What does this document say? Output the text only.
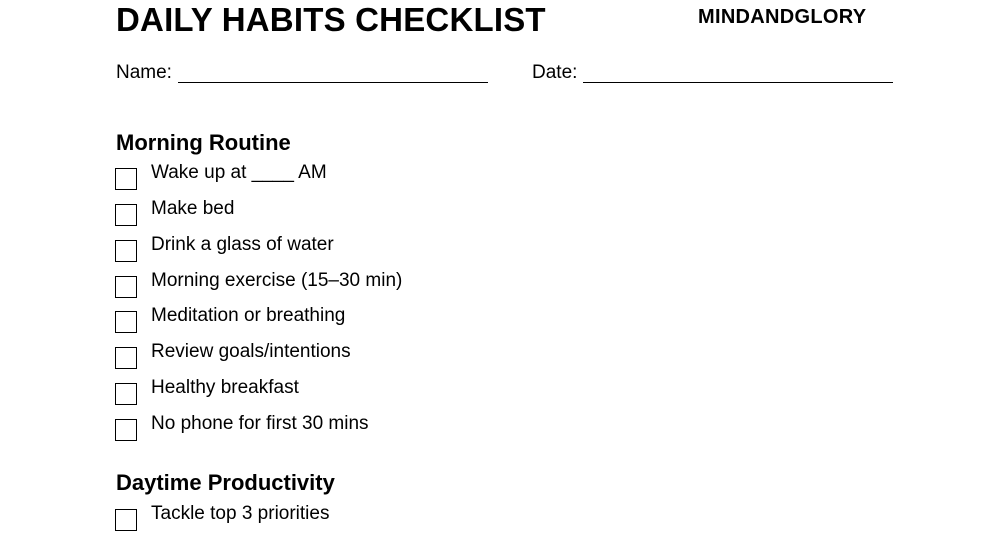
DAILY HABITS CHECKLIST	MINDANDGLORY
Name:	Date:
Morning Routine
Wake up at ____ AM
Make bed
Drink a glass of water
Morning exercise (15–30 min)
Meditation or breathing
Review goals/intentions
Healthy breakfast
No phone for first 30 mins
Daytime Productivity
Tackle top 3 priorities
